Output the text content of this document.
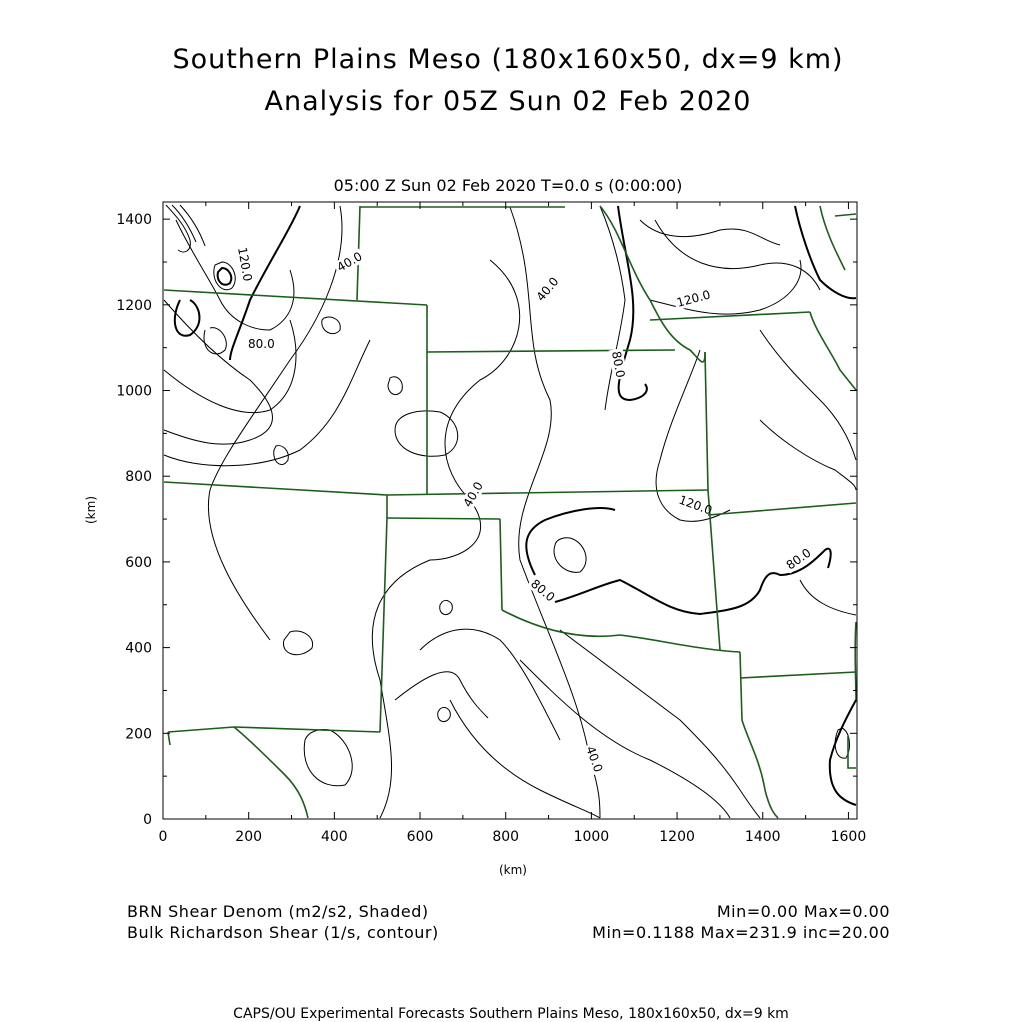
Southern Plains Meso (180x160x50, dx=9 km)
Analysis for 05Z Sun 02 Feb 2020
05:00 Z Sun 02 Feb 2020 T=0.0 s (0:00:00)
0	200	400	600	800	1000	1200	1400	1600
0
200
400
600
800
1000
1200
1400
120.0	40.0
40.0
80.0
80.0
120.0
40.0	120.0
80.0
80.0
40.0
(km)
(km)
BRN Shear Denom (m2/s2, Shaded)
Bulk Richardson Shear (1/s, contour)
Min=0.00 Max=0.00
Min=0.1188 Max=231.9 inc=20.00
CAPS/OU Experimental Forecasts Southern Plains Meso, 180x160x50, dx=9 km
